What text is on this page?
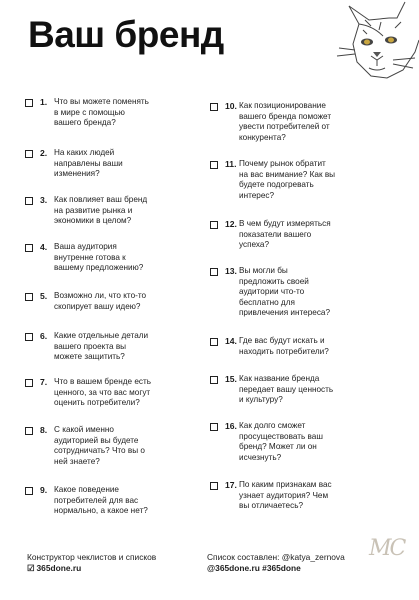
Ваш бренд
1. Что вы можете поменять
в мире с помощью
вашего бренда?
2. На каких людей
направлены ваши
изменения?
3. Как повлияет ваш бренд
на развитие рынка и
экономики в целом?
4. Ваша аудитория
внутренне готова к
вашему предложению?
5. Возможно ли, что кто-то
скопирует вашу идею?
6. Какие отдельные детали
вашего проекта вы
можете защитить?
7. Что в вашем бренде есть
ценного, за что вас могут
оценить потребители?
8. С какой именно
аудиторией вы будете
сотрудничать? Что вы о
ней знаете?
9. Какое поведение
потребителей для вас
нормально, а какое нет?
10. Как позиционирование
вашего бренда поможет
увести потребителей от
конкурента?
11. Почему рынок обратит
на вас внимание? Как вы
будете подогревать
интерес?
12. В чем будут измеряться
показатели вашего
успеха?
13. Вы могли бы
предложить своей
аудитории что-то
бесплатно для
привлечения интереса?
14. Где вас будут искать и
находить потребители?
15. Как название бренда
передает вашу ценность
и культуру?
16. Как долго сможет
просуществовать ваш
бренд? Может ли он
исчезнуть?
17. По каким признакам вас
узнает аудитория? Чем
вы отличаетесь?
Конструктор чеклистов и списков
☑ 365done.ru
Список составлен: @katya_zernova
@365done.ru #365done
MC
